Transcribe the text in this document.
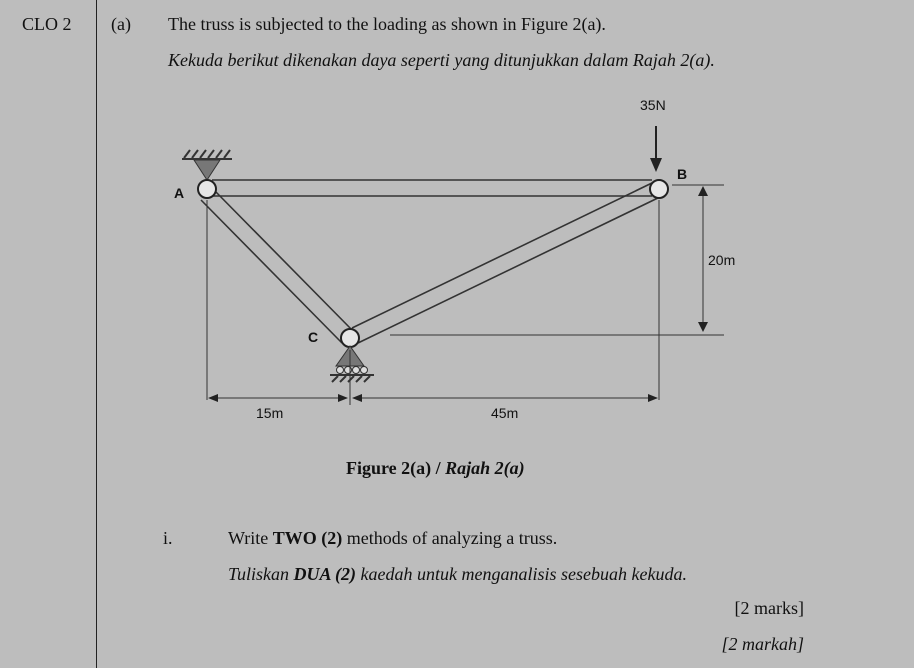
CLO 2 (a) The truss is subjected to the loading as shown in Figure 2(a).
Kekuda berikut dikenakan daya seperti yang ditunjukkan dalam Rajah 2(a).
35N
A
B
C
20m
15m	45m
Figure 2(a) / Rajah 2(a)
i.	Write TWO (2) methods of analyzing a truss.
Tuliskan DUA (2) kaedah untuk menganalisis sesebuah kekuda.
[2 marks]
[2 markah]
